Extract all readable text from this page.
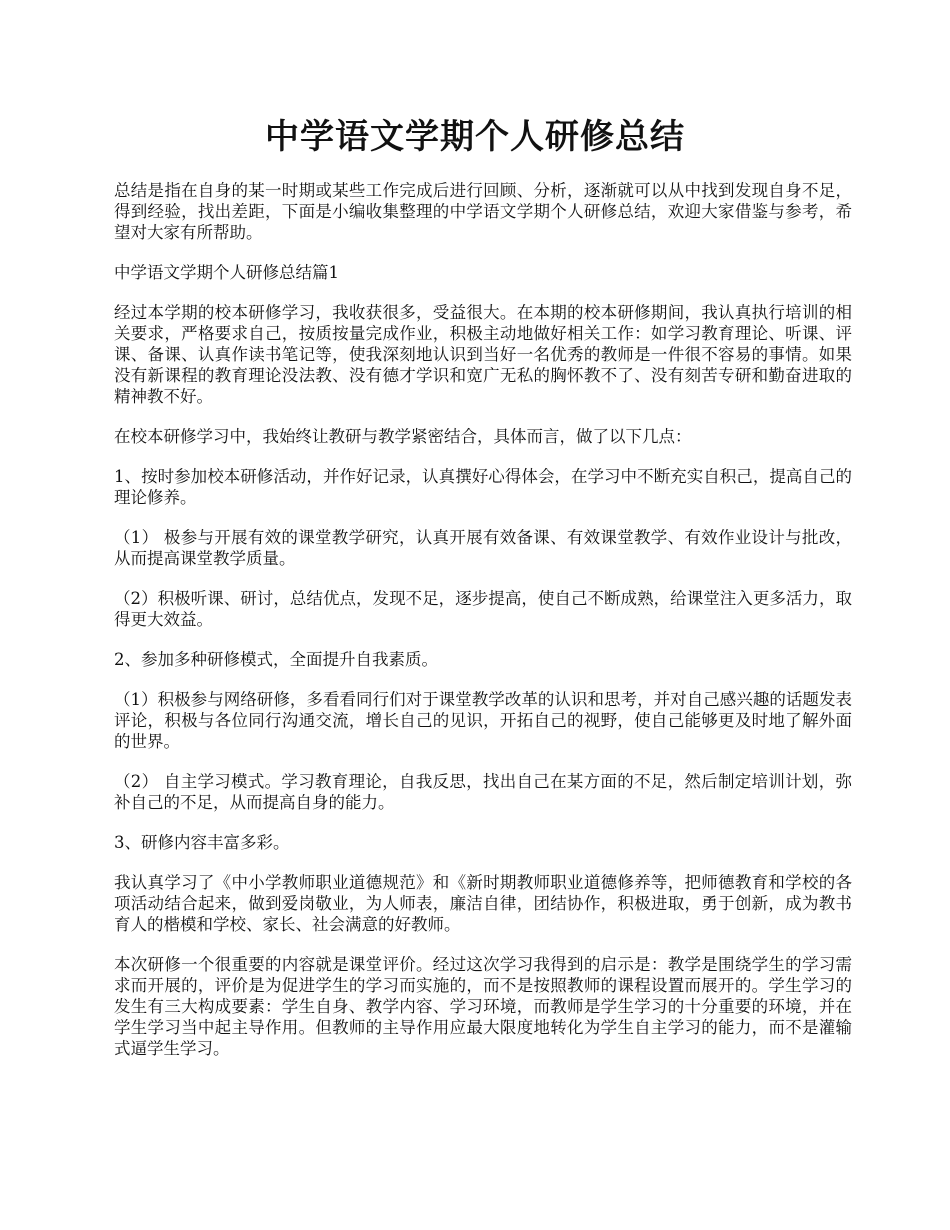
中学语文学期个人研修总结

总结是指在自身的某一时期或某些工作完成后进行回顾、分析，逐渐就可以从中找到发现自身不足，得到经验，找出差距，下面是小编收集整理的中学语文学期个人研修总结，欢迎大家借鉴与参考，希望对大家有所帮助。

中学语文学期个人研修总结篇1

经过本学期的校本研修学习，我收获很多，受益很大。在本期的校本研修期间，我认真执行培训的相关要求，严格要求自己，按质按量完成作业，积极主动地做好相关工作：如学习教育理论、听课、评课、备课、认真作读书笔记等，使我深刻地认识到当好一名优秀的教师是一件很不容易的事情。如果没有新课程的教育理论没法教、没有德才学识和宽广无私的胸怀教不了、没有刻苦专研和勤奋进取的精神教不好。

在校本研修学习中，我始终让教研与教学紧密结合，具体而言，做了以下几点：

1、按时参加校本研修活动，并作好记录，认真撰好心得体会，在学习中不断充实自积己，提高自己的理论修养。

（1） 极参与开展有效的课堂教学研究，认真开展有效备课、有效课堂教学、有效作业设计与批改，从而提高课堂教学质量。

（2）积极听课、研讨，总结优点，发现不足，逐步提高，使自己不断成熟，给课堂注入更多活力，取得更大效益。

2、参加多种研修模式，全面提升自我素质。

（1）积极参与网络研修，多看看同行们对于课堂教学改革的认识和思考，并对自己感兴趣的话题发表评论，积极与各位同行沟通交流，增长自己的见识，开拓自己的视野，使自己能够更及时地了解外面的世界。

（2） 自主学习模式。学习教育理论，自我反思，找出自己在某方面的不足，然后制定培训计划，弥补自己的不足，从而提高自身的能力。

3、研修内容丰富多彩。

我认真学习了《中小学教师职业道德规范》和《新时期教师职业道德修养等，把师德教育和学校的各项活动结合起来，做到爱岗敬业，为人师表，廉洁自律，团结协作，积极进取，勇于创新，成为教书育人的楷模和学校、家长、社会满意的好教师。

本次研修一个很重要的内容就是课堂评价。经过这次学习我得到的启示是：教学是围绕学生的学习需求而开展的，评价是为促进学生的学习而实施的，而不是按照教师的课程设置而展开的。学生学习的发生有三大构成要素：学生自身、教学内容、学习环境，而教师是学生学习的十分重要的环境，并在学生学习当中起主导作用。但教师的主导作用应最大限度地转化为学生自主学习的能力，而不是灌输式逼学生学习。
